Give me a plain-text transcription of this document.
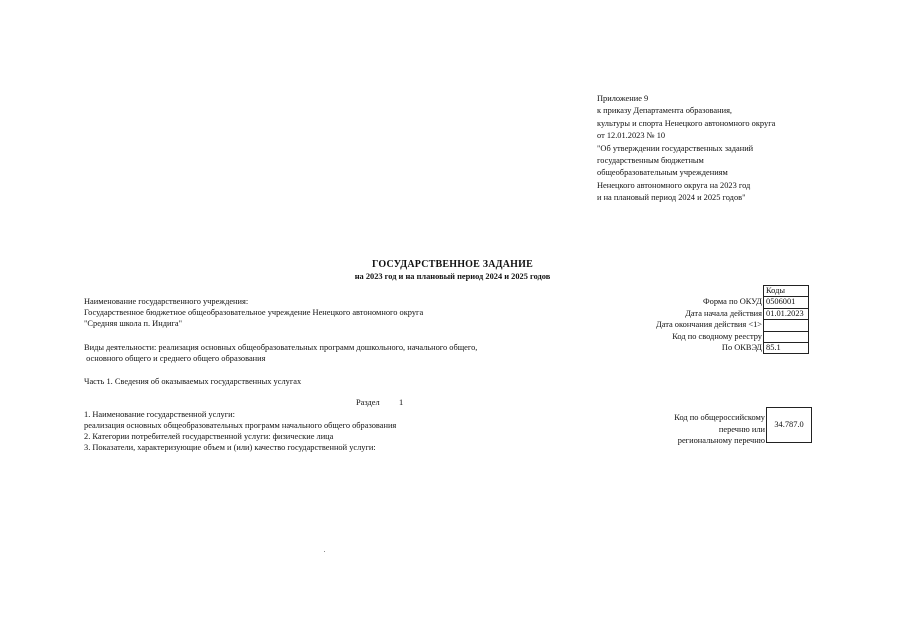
Приложение 9
к приказу Департамента образования,
культуры и спорта Ненецкого автономного округа
от 12.01.2023 № 10
"Об утверждении государственных заданий
государственным бюджетным
общеобразовательным учреждениям
Ненецкого автономного округа на 2023 год
и на плановый период 2024 и 2025 годов"
ГОСУДАРСТВЕННОЕ ЗАДАНИЕ
на 2023 год и на плановый период 2024 и 2025 годов
	Коды
Форма по ОКУД	0506001
Дата начала действия	01.01.2023
Дата окончания действия <1>	
Код по сводному реестру	
По ОКВЭД	85.1
Наименование государственного учреждения:
Государственное бюджетное общеобразовательное учреждение Ненецкого автономного округа
"Средняя школа п. Индига"
Виды деятельности: реализация основных общеобразовательных программ дошкольного, начального общего,
основного общего и среднего общего образования
Часть 1. Сведения об оказываемых государственных услугах
Раздел 1
1. Наименование государственной услуги:
реализация основных общеобразовательных программ начального общего образования
2. Категории потребителей государственной услуги: физические лица
3. Показатели, характеризующие объем и (или) качество государственной услуги:
Код по общероссийскому
перечню или
региональному перечню
34.787.0
